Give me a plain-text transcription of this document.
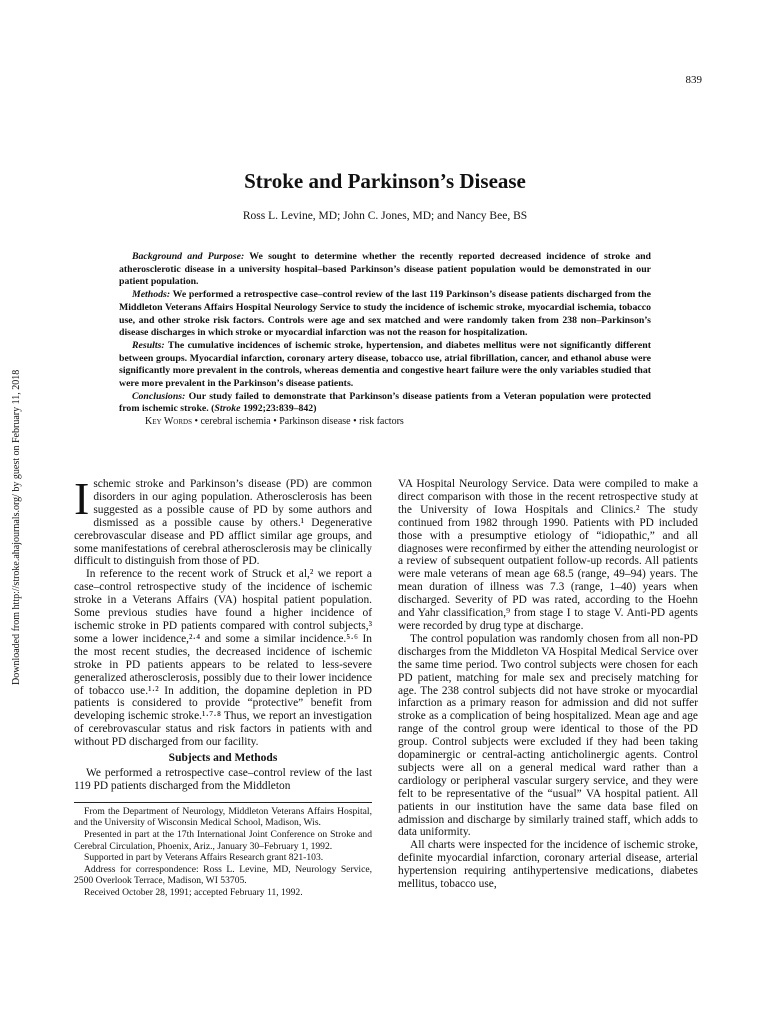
839
Downloaded from http://stroke.ahajournals.org/ by guest on February 11, 2018
Stroke and Parkinson’s Disease
Ross L. Levine, MD; John C. Jones, MD; and Nancy Bee, BS

Background and Purpose: We sought to determine whether the recently reported decreased incidence of stroke and atherosclerotic disease in a university hospital–based Parkinson’s disease patient population would be demonstrated in our patient population.

Methods: We performed a retrospective case–control review of the last 119 Parkinson’s disease patients discharged from the Middleton Veterans Affairs Hospital Neurology Service to study the incidence of ischemic stroke, myocardial ischemia, tobacco use, and other stroke risk factors. Controls were age and sex matched and were randomly taken from 238 non–Parkinson’s disease discharges in which stroke or myocardial infarction was not the reason for hospitalization.

Results: The cumulative incidences of ischemic stroke, hypertension, and diabetes mellitus were not significantly different between groups. Myocardial infarction, coronary artery disease, tobacco use, atrial fibrillation, cancer, and ethanol abuse were significantly more prevalent in the controls, whereas dementia and congestive heart failure were the only variables studied that were more prevalent in the Parkinson’s disease patients.

Conclusions: Our study failed to demonstrate that Parkinson’s disease patients from a Veteran population were protected from ischemic stroke. (Stroke 1992;23:839–842)

Key Words • cerebral ischemia • Parkinson disease • risk factors

Ischemic stroke and Parkinson’s disease (PD) are common disorders in our aging population. Atherosclerosis has been suggested as a possible cause of PD by some authors and dismissed as a possible cause by others.¹ Degenerative cerebrovascular disease and PD afflict similar age groups, and some manifestations of cerebral atherosclerosis may be clinically difficult to distinguish from those of PD.

In reference to the recent work of Struck et al,² we report a case–control retrospective study of the incidence of ischemic stroke in a Veterans Affairs (VA) hospital patient population. Some previous studies have found a higher incidence of ischemic stroke in PD patients compared with control subjects,³ some a lower incidence,²·⁴ and some a similar incidence.⁵·⁶ In the most recent studies, the decreased incidence of ischemic stroke in PD patients appears to be related to less-severe generalized atherosclerosis, possibly due to their lower incidence of tobacco use.¹·² In addition, the dopamine depletion in PD patients is considered to provide “protective” benefit from developing ischemic stroke.¹·⁷·⁸ Thus, we report an investigation of cerebrovascular status and risk factors in patients with and without PD discharged from our facility.

Subjects and Methods

We performed a retrospective case–control review of the last 119 PD patients discharged from the Middleton

From the Department of Neurology, Middleton Veterans Affairs Hospital, and the University of Wisconsin Medical School, Madison, Wis.

Presented in part at the 17th International Joint Conference on Stroke and Cerebral Circulation, Phoenix, Ariz., January 30–February 1, 1992.

Supported in part by Veterans Affairs Research grant 821-103.

Address for correspondence: Ross L. Levine, MD, Neurology Service, 2500 Overlook Terrace, Madison, WI 53705.

Received October 28, 1991; accepted February 11, 1992.

VA Hospital Neurology Service. Data were compiled to make a direct comparison with those in the recent retrospective study at the University of Iowa Hospitals and Clinics.² The study continued from 1982 through 1990. Patients with PD included those with a presumptive etiology of “idiopathic,” and all diagnoses were reconfirmed by either the attending neurologist or a review of subsequent outpatient follow-up records. All patients were male veterans of mean age 68.5 (range, 49–94) years. The mean duration of illness was 7.3 (range, 1–40) years when discharged. Severity of PD was rated, according to the Hoehn and Yahr classification,⁹ from stage I to stage V. Anti-PD agents were recorded by drug type at discharge.

The control population was randomly chosen from all non-PD discharges from the Middleton VA Hospital Medical Service over the same time period. Two control subjects were chosen for each PD patient, matching for male sex and precisely matching for age. The 238 control subjects did not have stroke or myocardial infarction as a primary reason for admission and did not suffer stroke as a complication of being hospitalized. Mean age and age range of the control group were identical to those of the PD group. Control subjects were excluded if they had been taking dopaminergic or central-acting anticholinergic agents. Control subjects were all on a general medical ward rather than a cardiology or peripheral vascular surgery service, and they were felt to be representative of the “usual” VA hospital patient. All patients in our institution have the same data base filed on admission and discharge by similarly trained staff, which adds to data uniformity.

All charts were inspected for the incidence of ischemic stroke, definite myocardial infarction, coronary arterial disease, arterial hypertension requiring antihypertensive medications, diabetes mellitus, tobacco use,
